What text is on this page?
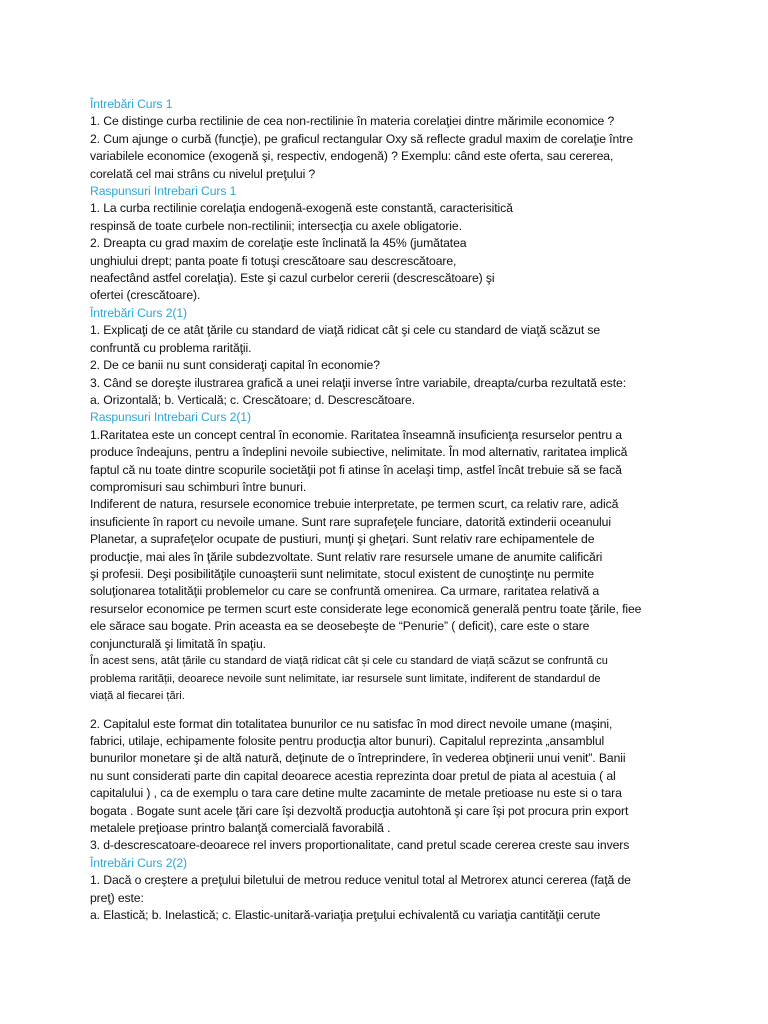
Întrebări Curs 1

1. Ce distinge curba rectilinie de cea non-rectilinie în materia corelaţiei dintre mărimile economice ?

2. Cum ajunge o curbă (funcţie), pe graficul rectangular Oxy să reflecte gradul maxim de corelaţie între

variabilele economice (exogenă şi, respectiv, endogenă) ? Exemplu: când este oferta, sau cererea,

corelată cel mai strâns cu nivelul preţului ?

Raspunsuri Intrebari Curs 1

1. La curba rectilinie corelaţia endogenă-exogenă este constantă, caracterisitică

respinsă de toate curbele non-rectilinii; intersecţia cu axele obligatorie.

2. Dreapta cu grad maxim de corelaţie este înclinată la 45% (jumătatea

unghiului drept; panta poate fi totuşi crescătoare sau descrescătoare,

neafectând astfel corelaţia). Este şi cazul curbelor cererii (descrescătoare) şi

ofertei (crescătoare).

Întrebări Curs 2(1)

1. Explicaţi de ce atât ţările cu standard de viaţă ridicat cât şi cele cu standard de viaţă scăzut se

confruntă cu problema rarităţii.

2. De ce banii nu sunt consideraţi capital în economie?

3. Când se doreşte ilustrarea grafică a unei relaţii inverse între variabile, dreapta/curba rezultată este:

a. Orizontală; b. Verticală; c. Crescătoare; d. Descrescătoare.

Raspunsuri Intrebari Curs 2(1)

1.Raritatea este un concept central în economie. Raritatea înseamnă insuficienţa resurselor pentru a

produce îndeajuns, pentru a îndeplini nevoile subiective, nelimitate. În mod alternativ, raritatea implică

faptul că nu toate dintre scopurile societăţii pot fi atinse în acelaşi timp, astfel încât trebuie să se facă

compromisuri sau schimburi între bunuri.

Indiferent de natura, resursele economice trebuie interpretate, pe termen scurt, ca relativ rare, adică

insuficiente în raport cu nevoile umane. Sunt rare suprafeţele funciare, datorită extinderii oceanului

Planetar, a suprafeţelor ocupate de pustiuri, munţi şi gheţari. Sunt relativ rare echipamentele de

producţie, mai ales în ţările subdezvoltate. Sunt relativ rare resursele umane de anumite calificări

şi profesii. Deşi posibilităţile cunoaşterii sunt nelimitate, stocul existent de cunoştinţe nu permite

soluţionarea totalităţii problemelor cu care se confruntă omenirea. Ca urmare, raritatea relativă a

resurselor economice pe termen scurt este considerate lege economică generală pentru toate ţările, fiee

ele sărace sau bogate. Prin aceasta ea se deosebeşte de “Penurie” ( deficit), care este o stare

conjuncturală şi limitată în spaţiu.

În acest sens, atât țările cu standard de viață ridicat cât și cele cu standard de viață scăzut se confruntă cu

problema rarității, deoarece nevoile sunt nelimitate, iar resursele sunt limitate, indiferent de standardul de

viață al fiecarei țări.

2. Capitalul este format din totalitatea bunurilor ce nu satisfac în mod direct nevoile umane (maşini,

fabrici, utilaje, echipamente folosite pentru producţia altor bunuri). Capitalul reprezinta „ansamblul

bunurilor monetare şi de altă natură, deţinute de o întreprindere, în vederea obţinerii unui venit”. Banii

nu sunt considerati parte din capital deoarece acestia reprezinta doar pretul de piata al acestuia ( al

capitalului ) , ca de exemplu o tara care detine multe zacaminte de metale pretioase nu este si o tara

bogata . Bogate sunt acele ţări care îşi dezvoltă producţia autohtonă şi care îşi pot procura prin export

metalele preţioase printro balanţă comercială favorabilă .

3. d-descrescatoare-deoarece rel invers proportionalitate, cand pretul scade cererea creste sau invers

Întrebări Curs 2(2)

1. Dacă o creştere a preţului biletului de metrou reduce venitul total al Metrorex atunci cererea (faţă de

preţ) este:

a. Elastică; b. Inelastică; c. Elastic-unitară-variaţia preţului echivalentă cu variaţia cantităţii cerute
